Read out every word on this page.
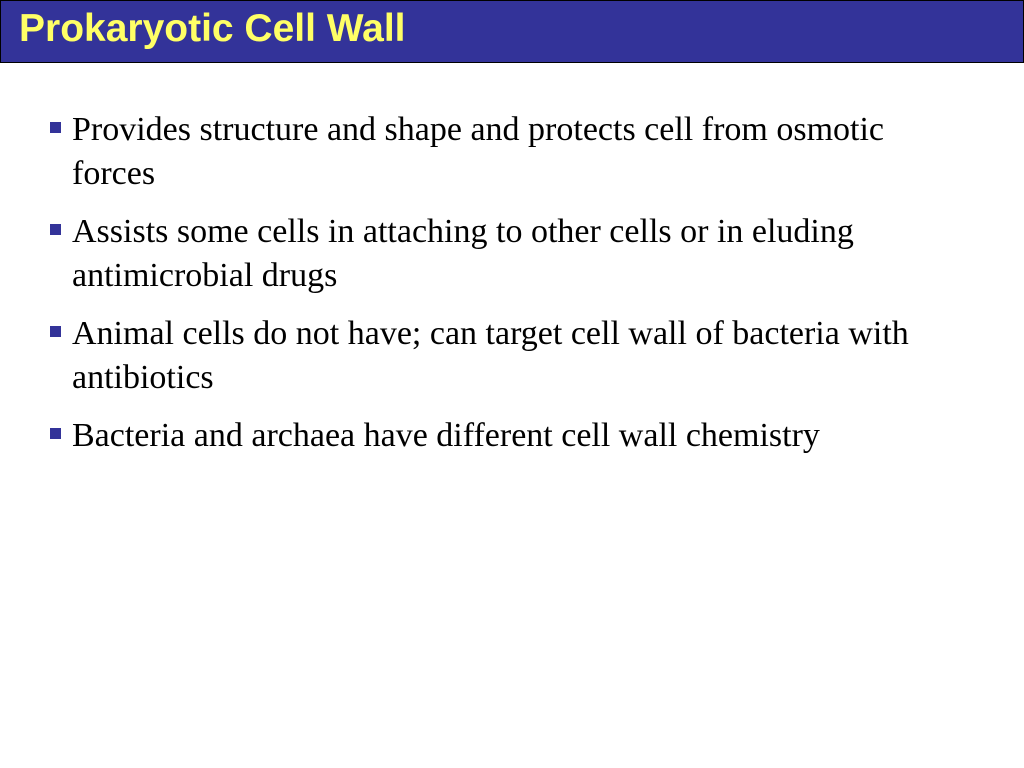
Prokaryotic Cell Wall
Provides structure and shape and protects cell from osmotic forces
Assists some cells in attaching to other cells or in eluding antimicrobial drugs
Animal cells do not have; can target cell wall of bacteria with antibiotics
Bacteria and archaea have different cell wall chemistry
